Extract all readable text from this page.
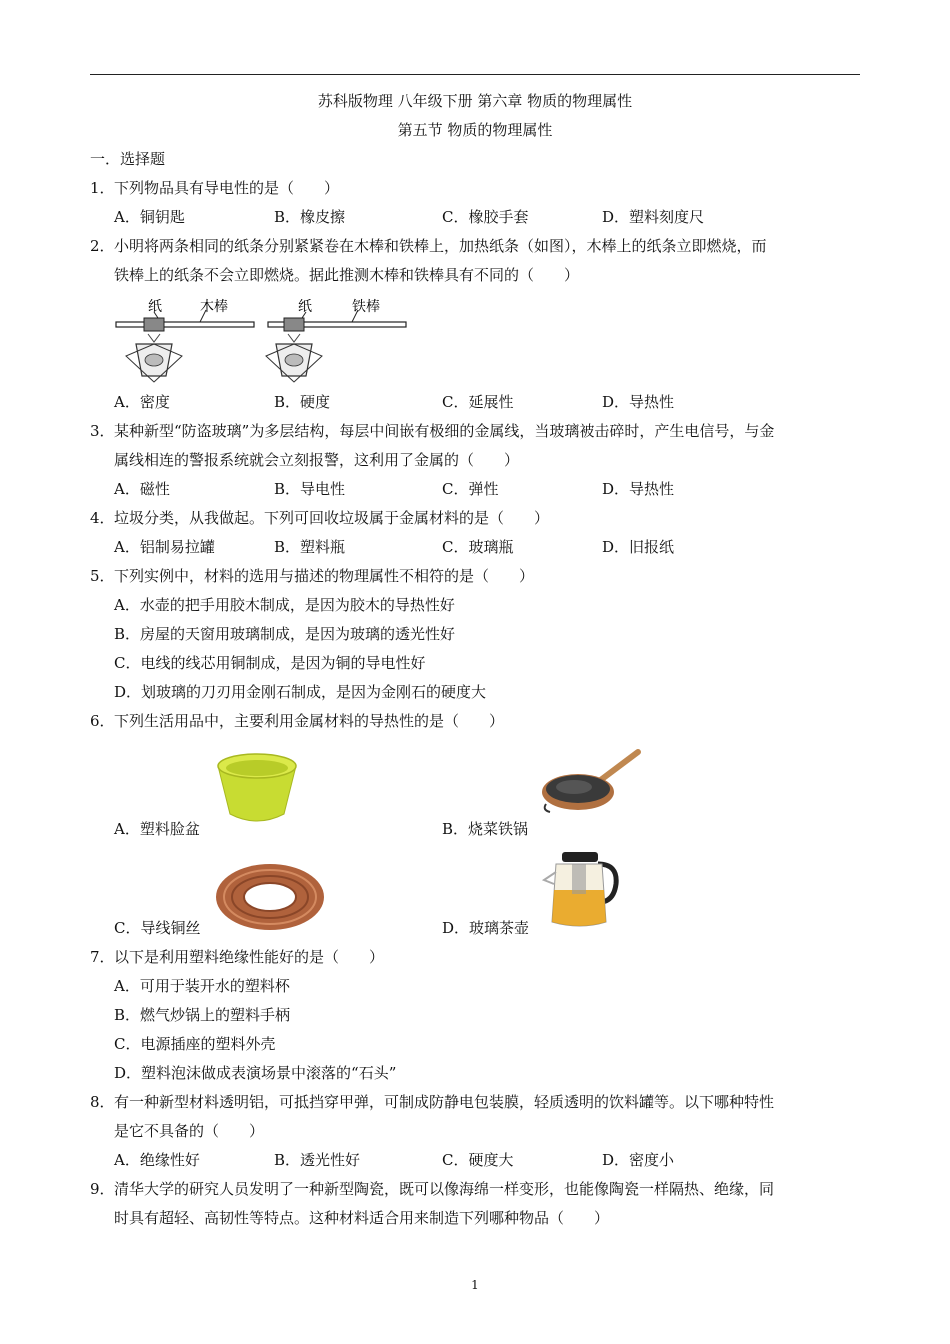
苏科版物理 八年级下册 第六章 物质的物理属性
第五节 物质的物理属性
一．选择题
1． 下列物品具有导电性的是（　　）
A．铜钥匙	B．橡皮擦	C．橡胶手套	D．塑料刻度尺
2． 小明将两条相同的纸条分别紧紧卷在木棒和铁棒上，加热纸条（如图），木棒上的纸条立即燃烧，而
铁棒上的纸条不会立即燃烧。据此推测木棒和铁棒具有不同的（　　）
纸	木棒	纸	铁棒
A．密度	B．硬度	C．延展性	D．导热性
3． 某种新型“防盗玻璃”为多层结构，每层中间嵌有极细的金属线，当玻璃被击碎时，产生电信号，与金
属线相连的警报系统就会立刻报警，这利用了金属的（　　）
A．磁性	B．导电性	C．弹性	D．导热性
4． 垃圾分类，从我做起。下列可回收垃圾属于金属材料的是（　　）
A．铝制易拉罐	B．塑料瓶	C．玻璃瓶	D．旧报纸
5． 下列实例中，材料的选用与描述的物理属性不相符的是（　　）
A．水壶的把手用胶木制成，是因为胶木的导热性好
B．房屋的天窗用玻璃制成，是因为玻璃的透光性好
C．电线的线芯用铜制成，是因为铜的导电性好
D．划玻璃的刀刃用金刚石制成，是因为金刚石的硬度大
6． 下列生活用品中，主要利用金属材料的导热性的是（　　）
A．塑料脸盆	B．烧菜铁锅
C．导线铜丝	D．玻璃茶壶
7． 以下是利用塑料绝缘性能好的是（　　）
A．可用于装开水的塑料杯
B．燃气炒锅上的塑料手柄
C．电源插座的塑料外壳
D．塑料泡沫做成表演场景中滚落的“石头”
8． 有一种新型材料透明铝，可抵挡穿甲弹，可制成防静电包装膜，轻质透明的饮料罐等。以下哪种特性
是它不具备的（　　）
A．绝缘性好	B．透光性好	C．硬度大	D．密度小
9． 清华大学的研究人员发明了一种新型陶瓷，既可以像海绵一样变形，也能像陶瓷一样隔热、绝缘，同
时具有超轻、高韧性等特点。这种材料适合用来制造下列哪种物品（　　）
1
